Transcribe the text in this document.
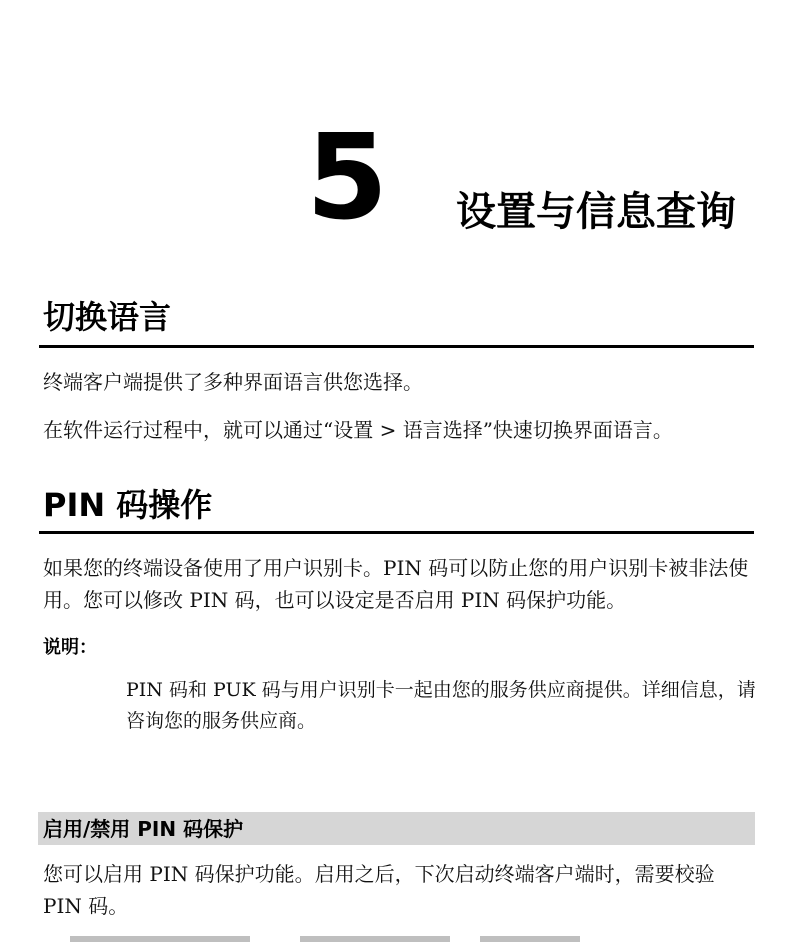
5 设置与信息查询
切换语言
终端客户端提供了多种界面语言供您选择。
在软件运行过程中，就可以通过“设置 > 语言选择”快速切换界面语言。
PIN 码操作
如果您的终端设备使用了用户识别卡。PIN 码可以防止您的用户识别卡被非法使用。您可以修改 PIN 码，也可以设定是否启用 PIN 码保护功能。
说明：
PIN 码和 PUK 码与用户识别卡一起由您的服务供应商提供。详细信息，请咨询您的服务供应商。
启用/禁用 PIN 码保护
您可以启用 PIN 码保护功能。启用之后，下次启动终端客户端时，需要校验 PIN 码。
